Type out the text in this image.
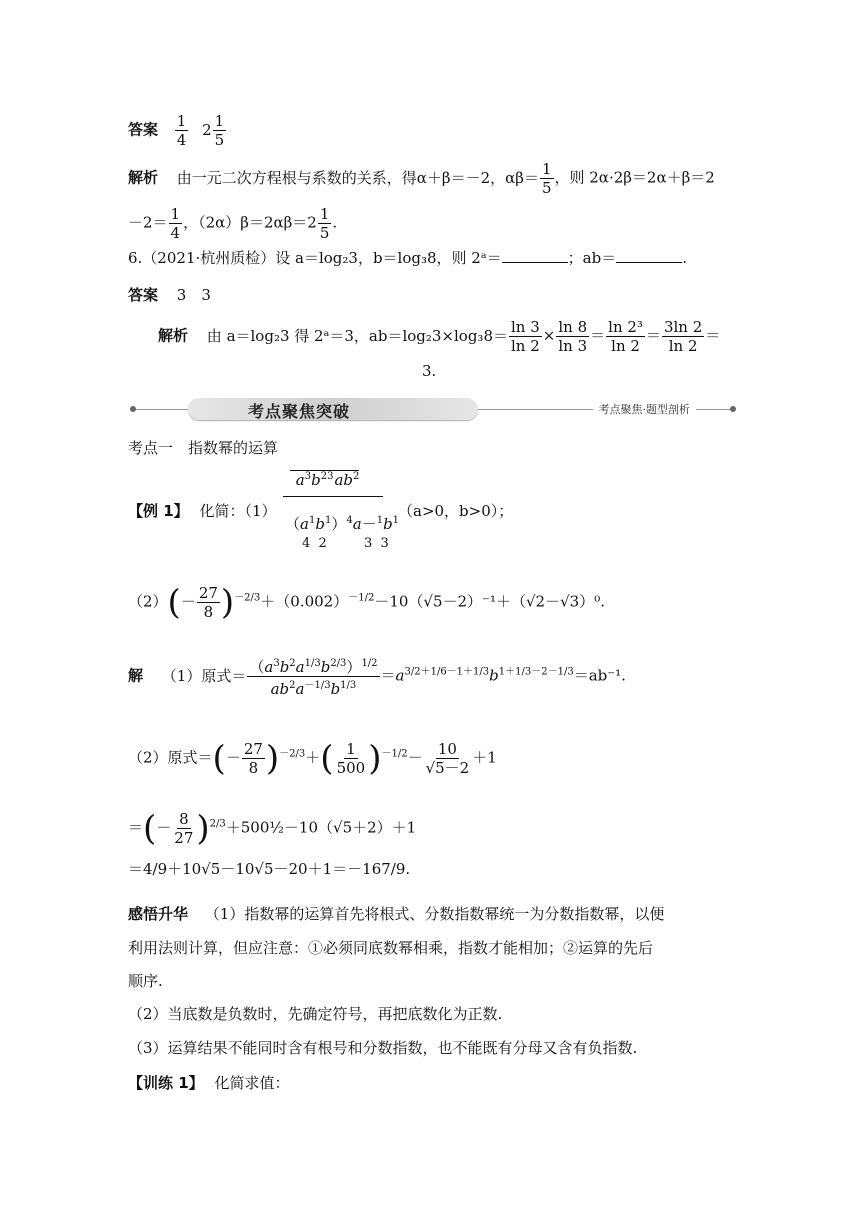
答案 $\frac{1}{4} 2 \frac{1}{5}$
解析 由一元二次方程根与系数的关系，得α＋β＝－2，$\alpha\beta= \frac{1}{5}$ ，则 2α·2β＝2α＋β＝2
$-2= \frac{1}{4}$ ，$(2\alpha)\beta=2\alpha\beta=2 \frac{1}{5}$ .
6.（2021·杭州质检）设 a＝log₂3，b＝log₃8，则 2ᵃ＝	；ab＝	.
答案 3　3
解析 由 a＝log₂3 得 2ᵃ＝3，$ab=\log_23\times\log_38= \frac{\ln 3}{\ln 2} \times \frac{\ln 8}{\ln 3} = \frac{\text{ln 2³}}{\ln 2} = \frac{3\ln 2}{\ln 2}$ ＝
3.
考点聚焦突破	考点聚焦·题型剖析
考点一　指数幂的运算
【例 1】 化简：（1）
$a^3b^{23}ab^2$
$(a^1b^1)^4a-^1b^1$
4  2         3  3
（a>0，b>0）；
$(2)(- \frac{27}{8} )^{-2/3}+(0.002)^{-1/2}-10(√5-2)^{-1}+(√2-√3)^0$.
解 （1）原式＝ $\frac{(a^3b^2a^{1/3}b^{2/3})^{1/2}}{ab^2a^{-1/3}b^{1/3}} =a^{3/2+1/6-1+1/3}b^{1+1/3-2-1/3}=ab^{-1}$.
（2）原式＝(－ $\frac{27}{8} )^{-2/3}+( \frac{1}{500} )^{-1/2}- \frac{10}{√5-2} +1$
＝(－ $\frac{8}{27}$ )$^{2/3}$＋500½－10（√5＋2）＋1
＝4/9＋10√5－10√5－20＋1＝－167/9.
感悟升华 （1）指数幂的运算首先将根式、分数指数幂统一为分数指数幂，以便
利用法则计算，但应注意：①必须同底数幂相乘，指数才能相加；②运算的先后
顺序.
（2）当底数是负数时，先确定符号，再把底数化为正数.
（3）运算结果不能同时含有根号和分数指数，也不能既有分母又含有负指数.
【训练 1】 化简求值：
